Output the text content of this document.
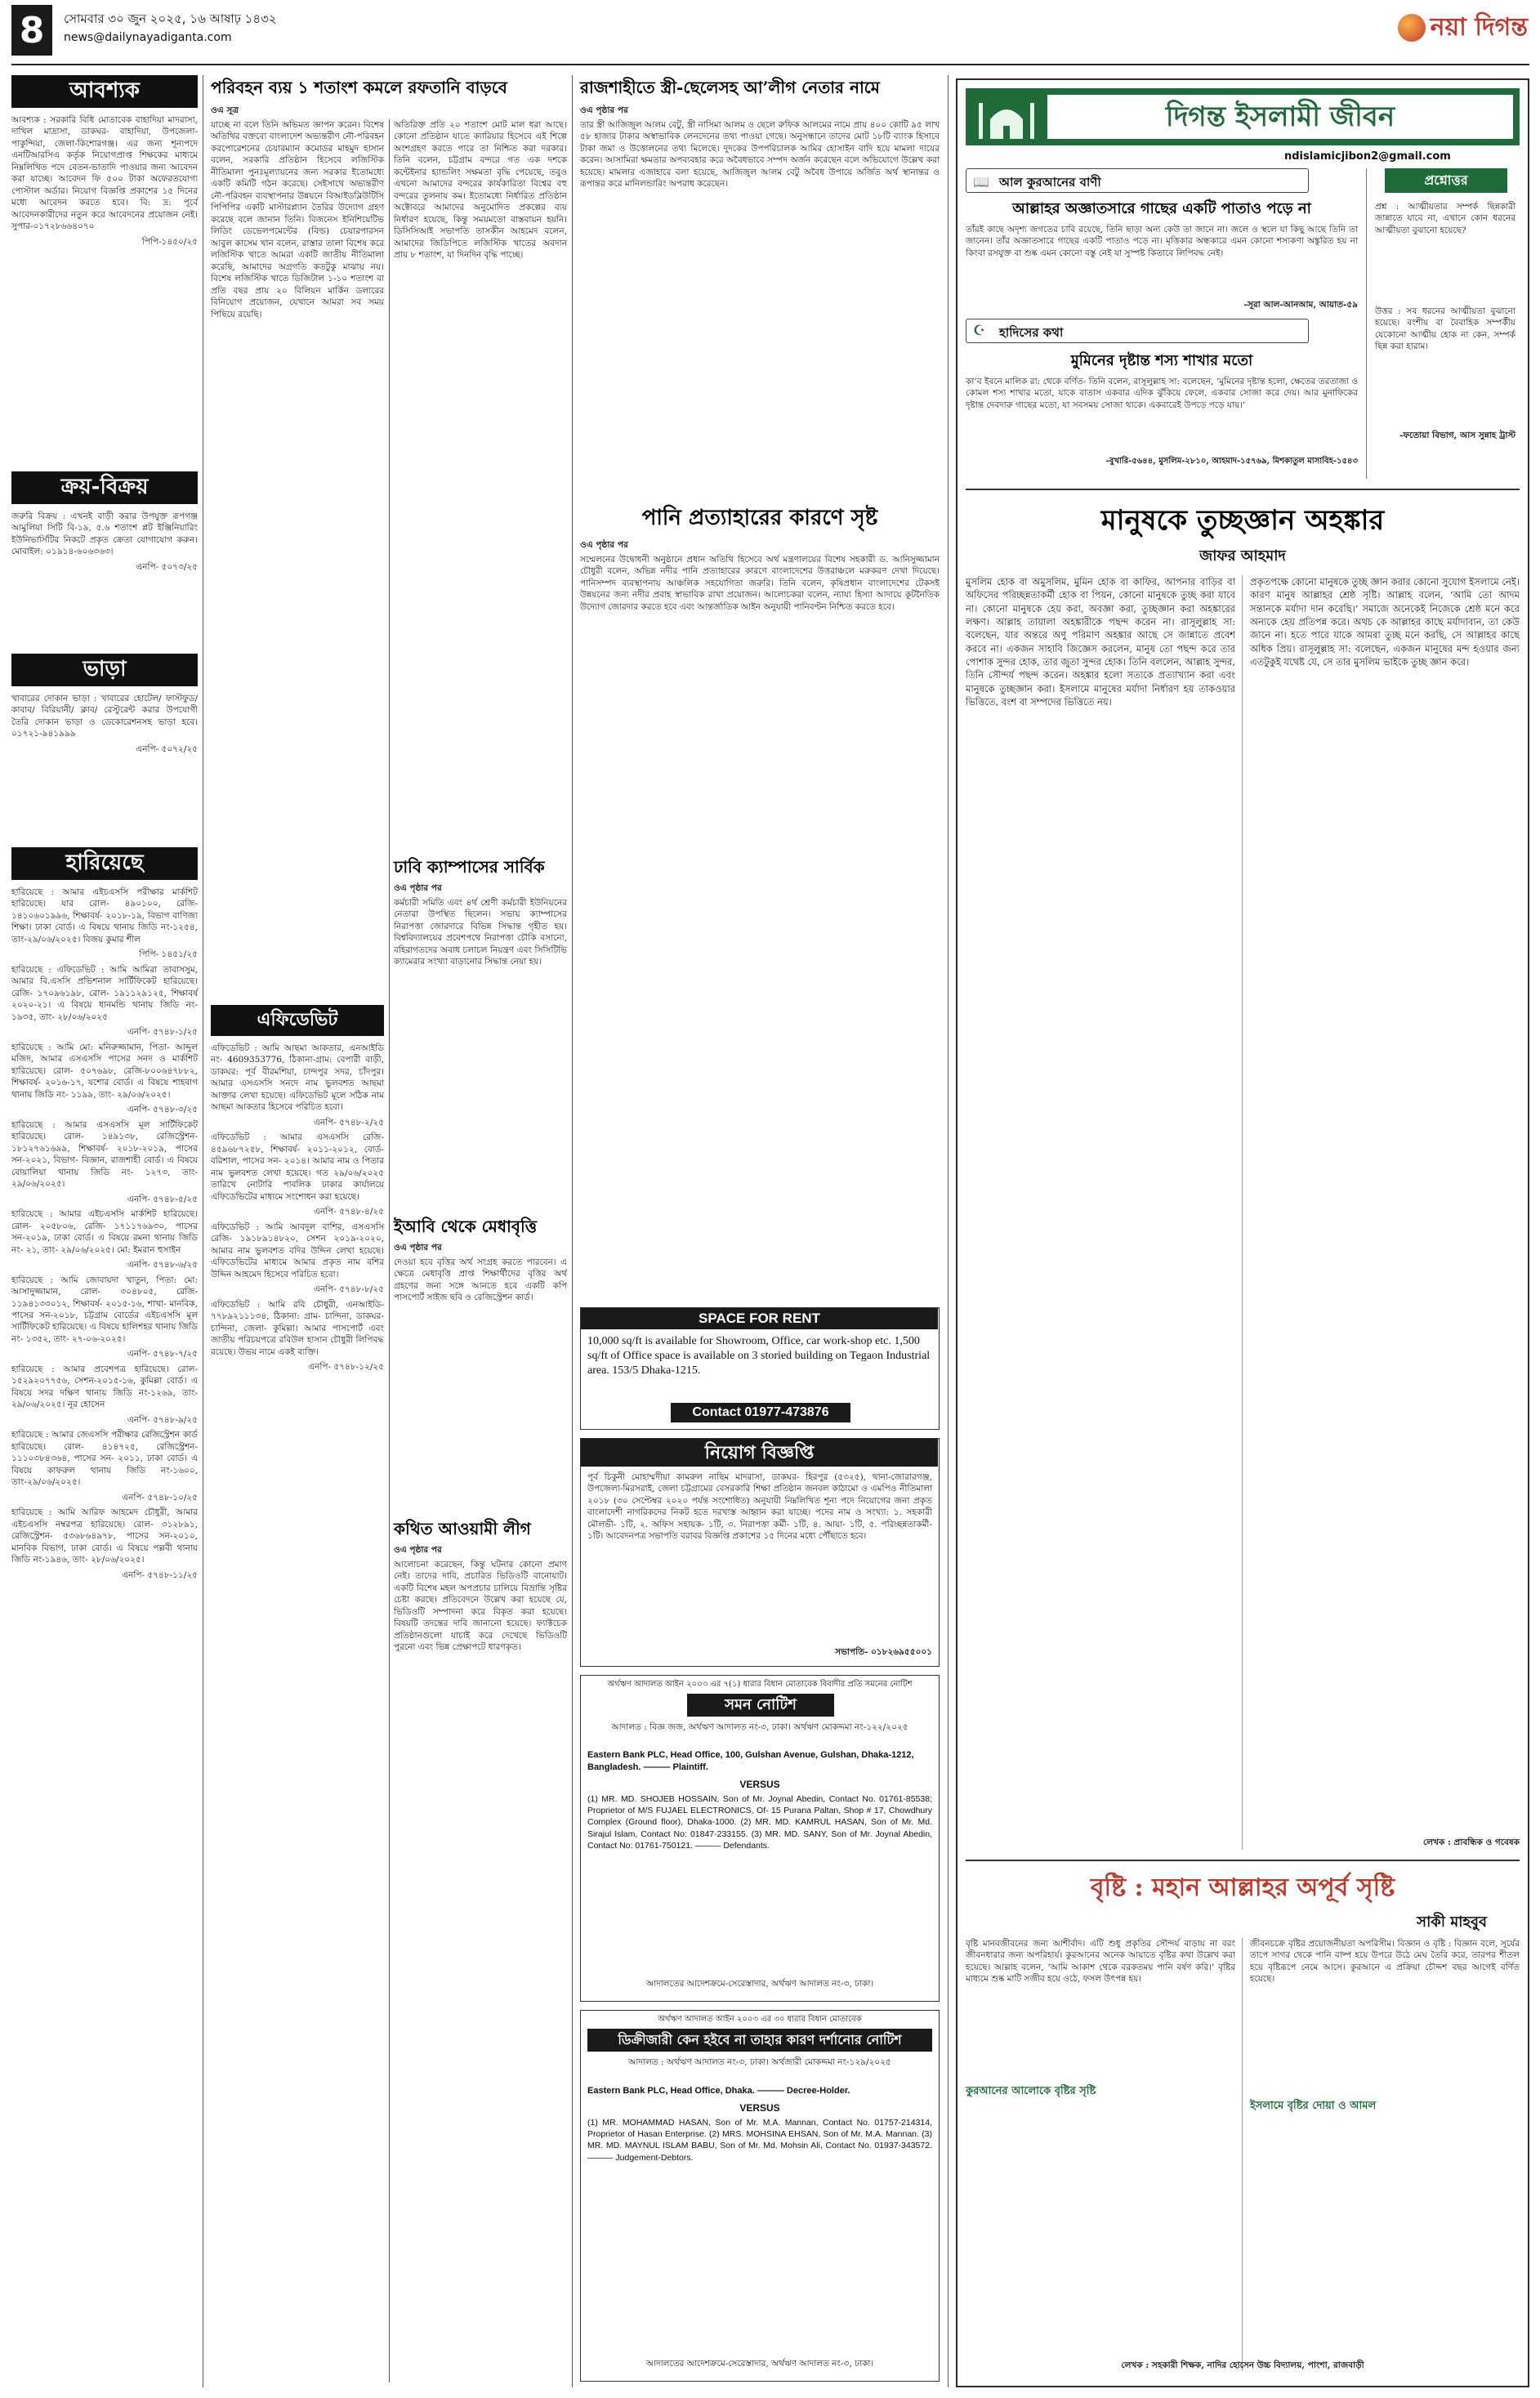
8 সোমবার ৩০ জুন ২০২৫, ১৬ আষাঢ় ১৪৩২
news@dailynayadiganta.com	নয়া দিগন্ত
আবশ্যক

আবশ্যক : সরকারি বিধি মোতাবেক বাহাদিয়া মাদরাসা, দাখিল মাদ্রাসা, ডাকঘর- বাহাদিয়া, উপজেলা-পাকুন্দিয়া, জেলা-কিশোরগঞ্জ। এর জন্য শূন্যপদে এনটিআরসিএ কর্তৃক নিয়োগপ্রাপ্ত শিক্ষকের মাধ্যমে নিম্নলিখিত পদে বেতন-ভাতাদি পাওয়ার জন্য আবেদন করা যাচ্ছে। আবেদন ফি ৫০০ টাকা অফেরতযোগ্য পোস্টাল অর্ডার। নিয়োগ বিজ্ঞপ্তি প্রকাশের ১৫ দিনের মধ্যে আবেদন করতে হবে। বি: দ্র: পূর্বে আবেদনকারীদের নতুন করে আবেদনের প্রয়োজন নেই। সুপার-০১৭২৮৬৬৪০৭০

পিপি-১৪৫০/২৫

ক্রয়-বিক্রয়

জরুরি বিক্রয় : এখনই বাড়ী করার উপযুক্ত রূপগঞ্জ আমুলিয়া সিটি বি-১৯, ৫.৬ শতাংশ প্লট ইঞ্জিনিয়ারিং ইউনিভার্সিটির নিকটে প্রকৃত ক্রেতা যোগাযোগ করুন। মোবাইল: ০১৯১৪-৬০৬৩৬৩।

এনপি- ৫০৭৩/২৫

ভাড়া

খাবারের দোকান ভাড়া : খাবারের হোটেল/ ফাস্টফুড/ কাবাব/ বিরিয়ানী/ ক্লাব/ রেস্টুরেন্ট করার উপযোগী তৈরি দোকান ভাড়া ও ডেকোরেশনসহ ভাড়া হবে। ০১৭২১-৯৪১৯৯৯

এনপি- ৫০৭২/২৫

হারিয়েছে

হারিয়েছে : আমার এইচএসসি পরীক্ষার মার্কশিট হারিয়েছে। যার রোল- ৪৯০১০০, রেজি- ১৪১০৬০১৯৯৬, শিক্ষাবর্ষ- ২০১৮-১৯, বিভাগ বাণিজ্য শিক্ষা। ঢাকা বোর্ড। এ বিষয়ে থানায় জিডি নং-১২৫৪, তাং-২৯/০৬/২০২৫। বিজয় কুমার শীল

পিপি- ১৪৫১/২৫

হারিয়েছে : এফিডেভিট : আমি আমিরা তাবাসসুম, আমার বি.এসসি প্রভিশনাল সার্টিফিকেট হারিয়েছে। রেজি- ১৭০৯৬১৯৮, রোল- ১৯১১২৯১২৫, শিক্ষাবর্ষ ২০২০-২১। এ বিষয়ে ধানমন্ডি থানায় জিডি নং- ১৯৩৫, তাং- ২৮/০৬/২০২৫

এনপি- ৫৭৪৮-১/২৫

হারিয়েছে : আমি মো: মনিরুজ্জামান, পিতা- আব্দুল মজিদ, আমার এসএসসি পাসের সনদ ও মার্কশিট হারিয়েছে। রোল- ৫০৭৬৯৮, রেজি-৮০০৬৪৭৮৮২, শিক্ষাবর্ষ- ২০১৬-১৭, যশোর বোর্ড। এ বিষয়ে শাহবাগ থানায় জিডি নং- ১১৯৯, তাং- ২৯/০৬/২০২৫।

এনপি- ৫৭৪৮-৩/২৫

হারিয়েছে : আমার এসএসসি মূল সার্টিফিকেট হারিয়েছে। রোল- ১৪৯১৩৮, রেজিস্ট্রেশন- ১৮১২৭৬১৬৯৯, শিক্ষাবর্ষ- ২০১৮-২০১৯, পাসের সন-২০২১, বিভাগ- বিজ্ঞান, রাজশাহী বোর্ড। এ বিষয়ে বোয়ালিয়া থানায় জিডি নং- ১২৭৩, তাং- ২৯/০৬/২০২৫।

এনপি- ৫৭৪৮-৫/২৫

হারিয়েছে : আমার এইচএসসি মার্কশিট হারিয়েছে। রোল- ২০৫৮০৬, রেজি- ১৭১১৭৬৯৩০, পাসের সন-২০১৯, ঢাকা বোর্ড। এ বিষয়ে রমনা থানায় জিডি নং- ২১, তাং- ২৯/০৬/২০২৫। মো: ইমরান হুসাইন

এনপি- ৫৭৪৮-৬/২৫

হারিয়েছে : আমি জোবায়দা খাতুন, পিতা: মো: আসাদুজ্জামান, রোল- ৩০৪৮০৫, রেজি- ১১৯৪১৩৩০১২, শিক্ষাবর্ষ- ২০১৫-১৬, শাখা- মানবিক, পাসের সন-২০১৮, চট্টগ্রাম বোর্ডের এইচএসসি মূল সার্টিফিকেট হারিয়েছে। এ বিষয়ে হালিশহর থানায় জিডি নং- ১৩৫২, তাং- ২৭-০৬-২০২৫।

এনপি- ৫৭৪৮-৭/২৫

হারিয়েছে : আমার প্রবেশপত্র হারিয়েছে। রোল- ১৫২৯২০৭৭৫৬, সেশন-২০১৫-১৬, কুমিল্লা বোর্ড। এ বিষয়ে সদর দক্ষিণ থানায় জিডি নং-১২৬৯, তাং- ২৯/০৬/২০২৫। নূর হোসেন

এনপি- ৫৭৪৮-৯/২৫

হারিয়েছে : আমার জেএসসি পরীক্ষার রেজিস্ট্রেশন কার্ড হারিয়েছে। রোল- ৪১৪৭২৫, রেজিস্ট্রেশন- ১১১০৩৮৪৩৬৪, পাসের সন- ২০১১, ঢাকা বোর্ড। এ বিষয়ে কাফরুল থানায় জিডি নং-১৬০০, তাং-২৯/০৬/২০২৫।

এনপি- ৫৭৪৮-১০/২৫

হারিয়েছে : আমি আরিফ আহমেদ চৌধুরী, আমার এইচএসসি নম্বরপত্র হারিয়েছে। রোল- ৩১২৮৯১, রেজিস্ট্রেশন- ৫৩৬৮৬৪৯৭৮, পাসের সন-২০১০, মানবিক বিভাগ, ঢাকা বোর্ড। এ বিষয়ে পল্লবী থানায় জিডি নং-১৯৪৬, তাং- ২৮/০৬/২০২৫।

এনপি- ৫৭৪৮-১১/২৫

পরিবহন ব্যয় ১ শতাংশ কমলে রফতানি বাড়বে
ওএ সূত্র
যাচ্ছে না বলে তিনি অভিমত জ্ঞাপন করেন। বিশেষ অতিথির বক্তব্যে বাংলাদেশ অভ্যন্তরীণ নৌ-পরিবহন করপোরেশনের চেয়ারম্যান কমোডর মাহমুদ হাসান বলেন, সরকারি প্রতিষ্ঠান হিসেবে লজিস্টিক নীতিমালা পুনঃমূল্যায়নের জন্য সরকার ইতোমধ্যে একটি কমিটি গঠন করেছে। সেইসাথে অভ্যন্তরীণ নৌ-পরিবহন ব্যবস্থাপনার উন্নয়নে বিআইডব্লিউটিসি পিপিপির একটি মাস্টারপ্ল্যান তৈরির উদ্যোগ গ্রহণ করেছে বলে জানান তিনি। বিজনেস ইনিশিয়েটিভ লিডিং ডেভেলপমেন্টের (বিল্ড) চেয়ারপারসন আবুল কাসেম খান বলেন, রাস্তার তালা বিশেষ করে লজিস্টিক খাতে আমরা একটি জাতীয় নীতিমালা করেছি, আমাদের অগ্রগতি কতটুকু মাঝায় নয়। বিশেষ লজিস্টিক খাতে ডিজিটাল ১-১০ শতাংশ বা প্রতি বছর প্রায় ২০ বিলিয়ন মার্কিন ডলারের বিনিয়োগ প্রয়োজন, যেখানে আমরা সব সময় পিছিয়ে রয়েছি।
অতিরিক্ত প্রতি ২০ শতাংশ মোট মাল ধরা আছে। কোনো প্রতিষ্ঠান যাতে ক্যারিয়ার হিসেবে এই শিল্পে অংশগ্রহণ করতে পারে তা নিশ্চিত করা দরকার। তিনি বলেন, চট্টগ্রাম বন্দরে গত এক দশকে কন্টেইনার হ্যান্ডলিং সক্ষমতা বৃদ্ধি পেয়েছে, তবুও এখনো আমাদের বন্দরের কার্যকারিতা বিশ্বের বহু বন্দরের তুলনায় কম। ইতোমধ্যে নির্ধারিত প্রতিষ্ঠান অক্টোবরে আমাদের অনুমোদিত প্রকল্পের ব্যয় নির্ধারণ হয়েছে, কিন্তু সময়মতো বাস্তবায়ন হয়নি। ডিসিসিআই সভাপতি তাসকীন আহমেদ বলেন, আমাদের জিডিপিতে লজিস্টিক খাতের অবদান প্রায় ৮ শতাংশ, যা দিনদিন বৃদ্ধি পাচ্ছে।
ঢাবি ক্যাম্পাসের সার্বিক
ওএ পৃষ্ঠার পর
কর্মচারী সমিতি এবং ৪র্থ শ্রেণী কর্মচারী ইউনিয়নের নেতারা উপস্থিত ছিলেন। সভায় ক্যাম্পাসের নিরাপত্তা জোরদারে বিভিন্ন সিদ্ধান্ত গৃহীত হয়। বিশ্ববিদ্যালয়ের প্রবেশপথে নিরাপত্তা চৌকি বসানো, বহিরাগতদের অবাধ চলাচল নিয়ন্ত্রণ এবং সিসিটিভি ক্যামেরার সংখ্যা বাড়ানোর সিদ্ধান্ত নেয়া হয়।
এফিডেভিট

এফিডেভিট : আমি আছমা আকতার, এনআইডি নং- 4609353776, ঠিকানা-গ্রাম: বেপারী বাড়ী, ডাকঘর: পূর্ব বীরমশিয়া, চান্দপুর সদর, চাঁদপুর। আমার এসএসসি সনদে নাম ভুলবশত আছমা আক্তার লেখা হয়েছে। এফিডেভিট মূলে সঠিক নাম আছমা আকতার হিসেবে পরিচিত হবো।

এনপি- ৫৭৪৮-২/২৫

এফিডেভিট : আমার এসএসসি রেজি- ৪৫৯৬৮৭২৫৮, শিক্ষাবর্ষ- ২০১১-২০১২, বোর্ড-বরিশাল, পাসের সন- ২০১৪। আমার নাম ও পিতার নাম ভুলবশত লেখা হয়েছে। গত ২৯/০৬/২০২৫ তারিখে নোটারি পাবলিক ঢাকার কার্যালয়ে এফিডেভিটের মাধ্যমে সংশোধন করা হয়েছে।

এনপি- ৫৭৪৮-৪/২৫

এফিডেভিট : আমি আবদুল বাশির, এসএসসি রেজি- ১৯১৮৯১৪৮২০, সেশন ২০১৯-২০২০, আমার নাম ভুলবশত বদির উদ্দিন লেখা হয়েছে। এফিডেভিটের মাধ্যমে আমার প্রকৃত নাম বশির উদ্দিন আহমেদ হিসেবে পরিচিত হবো।

এনপি- ৫৭৪৮-৮/২৫

এফিডেভিট : আমি রবি চৌধুরী, এনআইডি- ৭৭৮৯২১১১৩৪, ঠিকানা: গ্রাম- চান্দিনা, ডাকঘর- চান্দিনা, জেলা- কুমিল্লা। আমার পাসপোর্ট এবং জাতীয় পরিচয়পত্রে রবিউল হাসান চৌধুরী লিপিবদ্ধ রয়েছে। উভয় নামে একই ব্যক্তি।

এনপি- ৫৭৪৮-১২/২৫

ইআবি থেকে মেধাবৃত্তি
ওএ পৃষ্ঠার পর
দেওয়া হবে বৃত্তির অর্থ সংগ্রহ করতে পারবেন। এ ক্ষেত্রে মেধাবৃত্তি প্রাপ্ত শিক্ষার্থীদের বৃত্তির অর্থ গ্রহণের জন্য সঙ্গে আনতে হবে একটি কপি পাসপোর্ট সাইজ ছবি ও রেজিস্ট্রেশন কার্ড।
কথিত আওয়ামী লীগ
ওএ পৃষ্ঠার পর
আলোচনা করেছেন, কিন্তু ঘটনার কোনো প্রমাণ নেই। তাদের দাবি, প্রচারিত ভিডিওটি বানোয়াট। একটি বিশেষ মহল অপপ্রচার চালিয়ে বিভ্রান্তি সৃষ্টির চেষ্টা করছে। প্রতিবেদনে উল্লেখ করা হয়েছে যে, ভিডিওটি সম্পাদনা করে বিকৃত করা হয়েছে। বিষয়টি তদন্তের দাবি জানানো হয়েছে। ফ্যাক্টচেক প্রতিষ্ঠানগুলো যাচাই করে দেখেছে ভিডিওটি পুরনো এবং ভিন্ন প্রেক্ষাপটে ধারণকৃত।
রাজশাহীতে স্ত্রী-ছেলেসহ আ’লীগ নেতার নামে
ওএ পৃষ্ঠার পর
তার স্ত্রী আজিজুল আলম বেটু, স্ত্রী নাসিমা আলম ও ছেলে রুফিক আলমের নামে প্রায় ৪০০ কোটি ৯৫ লাখ ৫৮ হাজার টাকার অস্বাভাবিক লেনদেনের তথ্য পাওয়া গেছে। অনুসন্ধানে তাদের মোট ১৮টি ব্যাংক হিসাবে টাকা জমা ও উত্তোলনের তথ্য মিলেছে। দুদকের উপপরিচালক আমির হোসাইন বাদি হয়ে মামলা দায়ের করেন। আসামিরা ক্ষমতার অপব্যবহার করে অবৈধভাবে সম্পদ অর্জন করেছেন বলে অভিযোগে উল্লেখ করা হয়েছে। মামলার এজাহারে বলা হয়েছে, আজিজুল আলম বেটু অবৈধ উপায়ে অর্জিত অর্থ স্থানান্তর ও রূপান্তর করে মানিলন্ডারিং অপরাধ করেছেন।
পানি প্রত্যাহারের কারণে সৃষ্ট
ওএ পৃষ্ঠার পর
সম্মেলনের উদ্বোধনী অনুষ্ঠানে প্রধান অতিথি হিসেবে অর্থ মন্ত্রণালয়ের বিশেষ সহকারী ড. আনিসুজ্জামান চৌধুরী বলেন, অভিন্ন নদীর পানি প্রত্যাহারের কারণে বাংলাদেশের উত্তরাঞ্চলে মরুকরণ দেখা দিয়েছে। পানিসম্পদ ব্যবস্থাপনায় আঞ্চলিক সহযোগিতা জরুরি। তিনি বলেন, কৃষিপ্রধান বাংলাদেশের টেকসই উন্নয়নের জন্য নদীর প্রবাহ স্বাভাবিক রাখা প্রয়োজন। আলোচকরা বলেন, ন্যায্য হিস্যা আদায়ে কূটনৈতিক উদ্যোগ জোরদার করতে হবে এবং আন্তর্জাতিক আইন অনুযায়ী পানিবণ্টন নিশ্চিত করতে হবে।
SPACE FOR RENT
10,000 sq/ft is available for Showroom, Office, car work-shop etc. 1,500 sq/ft of Office space is available on 3 storied building on Tegaon Industrial area. 153/5 Dhaka-1215.
Contact 01977-473876
নিয়োগ বিজ্ঞপ্তি
পূর্ব চিকুনী মোহাম্মদীয়া কামরুল নাছিম মাদরাসা, ডাকঘর- হিরপুর (৫৩২৫), থানা-জোরারগঞ্জ, উপজেলা-মিরসরাই, জেলা চট্টগ্রামের বেসরকারি শিক্ষা প্রতিষ্ঠান জনবল কাঠামো ও এমপিও নীতিমালা ২০১৮ (৩০ সেপ্টেম্বর ২০২০ পর্যন্ত সংশোধিত) অনুযায়ী নিম্নলিখিত শূন্য পদে নিয়োগের জন্য প্রকৃত বাংলাদেশী নাগরিকদের নিকট হতে দরখাস্ত আহ্বান করা যাচ্ছে। পদের নাম ও সংখ্যা: ১. সহকারী মৌলভী- ১টি, ২. অফিস সহায়ক- ১টি, ৩. নিরাপত্তা কর্মী- ১টি, ৪. আয়া- ১টি, ৫. পরিচ্ছন্নতাকর্মী- ১টি। আবেদনপত্র সভাপতি বরাবর বিজ্ঞপ্তি প্রকাশের ১৫ দিনের মধ্যে পৌঁছাতে হবে।
সভাপতি- ০১৮২৬৯৫৫০০১
অর্থঋণ আদালত আইন ২০০৩ এর ৭(১) ধারার বিধান মোতাবেক বিবাদীর প্রতি সমনের নোটিশ
সমন নোটিশ
আদালত : বিজ্ঞ জজ, অর্থঋণ আদালত নং-৩, ঢাকা। অর্থঋণ মোকদ্দমা নং-১২২/২০২৫
Eastern Bank PLC, Head Office, 100, Gulshan Avenue, Gulshan, Dhaka-1212, Bangladesh. ——— Plaintiff.
VERSUS
(1) MR. MD. SHOJEB HOSSAIN, Son of Mr. Joynal Abedin, Contact No. 01761-85538; Proprietor of M/S FUJAEL ELECTRONICS, Of- 15 Purana Paltan, Shop # 17, Chowdhury Complex (Ground floor), Dhaka-1000. (2) MR. MD. KAMRUL HASAN, Son of Mr. Md. Sirajul Islam, Contact No: 01847-233155. (3) MR. MD. SANY, Son of Mr. Joynal Abedin, Contact No: 01761-750121. ——— Defendants.
আদালতের আদেশক্রমে-সেরেস্তাদার, অর্থঋণ আদালত নং-৩, ঢাকা।
অর্থঋণ আদালত আইন ২০০৩ এর ৩০ ধারার বিধান মোতাবেক
ডিক্রীজারী কেন হইবে না তাহার কারণ দর্শানোর নোটিশ
আদালত : অর্থঋণ আদালত নং-৩, ঢাকা। অর্থজারী মোকদ্দমা নং-১২৯/২০২৫
Eastern Bank PLC, Head Office, Dhaka. ——— Decree-Holder.
VERSUS
(1) MR. MOHAMMAD HASAN, Son of Mr. M.A. Mannan, Contact No. 01757-214314, Proprietor of Hasan Enterprise. (2) MRS. MOHSINA EHSAN, Son of Mr. M.A. Mannan. (3) MR. MD. MAYNUL ISLAM BABU, Son of Mr. Md. Mohsin Ali, Contact No. 01937-343572. ——— Judgement-Debtors.
আদালতের আদেশক্রমে-সেরেস্তাদার, অর্থঋণ আদালত নং-৩, ঢাকা।
দিগন্ত ইসলামী জীবন
ndislamicjibon2@gmail.com
📖 আল কুরআনের বাণী
আল্লাহর অজ্ঞাতসারে গাছের একটি পাতাও পড়ে না
তাঁরই কাছে অদৃশ্য জগতের চাবি রয়েছে, তিনি ছাড়া অন্য কেউ তা জানে না। জলে ও স্থলে যা কিছু আছে তিনি তা জানেন। তাঁর অজ্ঞাতসারে গাছের একটি পাতাও পড়ে না। মৃত্তিকার অন্ধকারে এমন কোনো শস্যকণা অঙ্কুরিত হয় না কিংবা রসযুক্ত বা শুষ্ক এমন কোনো বস্তু নেই যা সুস্পষ্ট কিতাবে লিপিবদ্ধ নেই।
-সূরা আল-আনআম, আয়াত-৫৯
☪ হাদিসের কথা
মুমিনের দৃষ্টান্ত শস্য শাখার মতো
কা’ব ইবনে মালিক রা: থেকে বর্ণিত- তিনি বলেন, রাসূলুল্লাহ সা: বলেছেন, ‘মুমিনের দৃষ্টান্ত হলো, ক্ষেতের তরতাজা ও কোমল শস্য শাখার মতো, যাকে বাতাস একবার এদিক ঝুঁকিয়ে ফেলে, একবার সোজা করে দেয়। আর মুনাফিকের দৃষ্টান্ত দেবদারু গাছের মতো, যা সবসময় সোজা থাকে। একবারেই উপড়ে পড়ে যায়।’
-বুখারি-৫৬৪৪, মুসলিম-২৮১০, আহমাদ-১৫৭৬৯, মিশকাতুল মাসাবিহ-১৫৪৩
প্রশ্নোত্তর
প্রশ্ন : আত্মীয়তার সম্পর্ক ছিন্নকারী জান্নাতে যাবে না, এখানে কোন ধরনের আত্মীয়তা বুঝানো হয়েছে?
উত্তর : সব ধরনের আত্মীয়তা বুঝানো হয়েছে। বংশীয় বা বৈবাহিক সম্পর্কীয় যেকোনো আত্মীয় হোক না কেন, সম্পর্ক ছিন্ন করা হারাম।
-ফতোয়া বিভাগ, আস সুন্নাহ ট্রাস্ট
মানুষকে তুচ্ছজ্ঞান অহঙ্কার
জাফর আহমাদ
মুসলিম হোক বা অমুসলিম, মুমিন হোক বা কাফির, আপনার বাড়ির বা অফিসের পরিচ্ছন্নতাকর্মী হোক বা পিয়ন, কোনো মানুষকে তুচ্ছ করা যাবে না। কোনো মানুষকে হেয় করা, অবজ্ঞা করা, তুচ্ছজ্ঞান করা অহঙ্কারের লক্ষণ। আল্লাহ তায়ালা অহঙ্কারীকে পছন্দ করেন না। রাসূলুল্লাহ সা: বলেছেন, যার অন্তরে অণু পরিমাণ অহঙ্কার আছে সে জান্নাতে প্রবেশ করবে না। একজন সাহাবি জিজ্ঞেস করলেন, মানুষ তো পছন্দ করে তার পোশাক সুন্দর হোক, তার জুতা সুন্দর হোক। তিনি বললেন, আল্লাহ সুন্দর, তিনি সৌন্দর্য পছন্দ করেন। অহঙ্কার হলো সত্যকে প্রত্যাখ্যান করা এবং মানুষকে তুচ্ছজ্ঞান করা। ইসলামে মানুষের মর্যাদা নির্ধারণ হয় তাকওয়ার ভিত্তিতে, বংশ বা সম্পদের ভিত্তিতে নয়।
প্রকৃতপক্ষে কোনো মানুষকে তুচ্ছ জ্ঞান করার কোনো সুযোগ ইসলামে নেই। কারণ মানুষ আল্লাহর শ্রেষ্ঠ সৃষ্টি। আল্লাহ বলেন, ‘আমি তো আদম সন্তানকে মর্যাদা দান করেছি।’ সমাজে অনেকেই নিজেকে শ্রেষ্ঠ মনে করে অন্যকে হেয় প্রতিপন্ন করে। অথচ কে আল্লাহর কাছে মর্যাদাবান, তা কেউ জানে না। হতে পারে যাকে আমরা তুচ্ছ মনে করছি, সে আল্লাহর কাছে অধিক প্রিয়। রাসূলুল্লাহ সা: বলেছেন, একজন মানুষের মন্দ হওয়ার জন্য এতটুকুই যথেষ্ট যে, সে তার মুসলিম ভাইকে তুচ্ছ জ্ঞান করে।
লেখক : প্রাবন্ধিক ও গবেষক
বৃষ্টি : মহান আল্লাহর অপূর্ব সৃষ্টি
সাকী মাহবুব
বৃষ্টি মানবজীবনের জন্য আশীর্বাদ। এটি শুধু প্রকৃতির সৌন্দর্য বাড়ায় না বরং জীবনধারার জন্য অপরিহার্য। কুরআনের অনেক আয়াতে বৃষ্টির কথা উল্লেখ করা হয়েছে। আল্লাহ বলেন, ‘আমি আকাশ থেকে বরকতময় পানি বর্ষণ করি।’ বৃষ্টির মাধ্যমে শুষ্ক মাটি সজীব হয়ে ওঠে, ফসল উৎপন্ন হয়।
কুরআনের আলোকে বৃষ্টির সৃষ্টি
জীবনচক্রে বৃষ্টির প্রয়োজনীয়তা অপরিসীম। বিজ্ঞান ও বৃষ্টি : বিজ্ঞান বলে, সূর্যের তাপে সাগর থেকে পানি বাষ্প হয়ে উপরে উঠে মেঘ তৈরি করে, তারপর শীতল হয়ে বৃষ্টিরূপে নেমে আসে। কুরআনে এ প্রক্রিয়া চৌদ্দশ বছর আগেই বর্ণিত হয়েছে।
ইসলামে বৃষ্টির দোয়া ও আমল
লেখক : সহকারী শিক্ষক, নাদির হোসেন উচ্চ বিদ্যালয়, পাংশা, রাজবাড়ী
